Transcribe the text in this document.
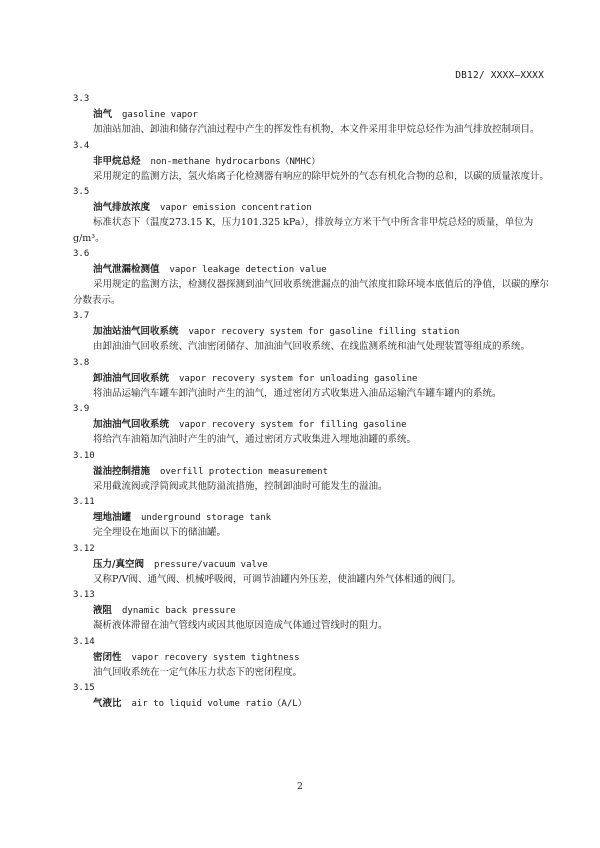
DB12/ XXXX—XXXX
3.3
油气 gasoline vapor
加油站加油、卸油和储存汽油过程中产生的挥发性有机物，本文件采用非甲烷总烃作为油气排放控制项目。
3.4
非甲烷总烃 non-methane hydrocarbons（NMHC）
采用规定的监测方法，氢火焰离子化检测器有响应的除甲烷外的气态有机化合物的总和，以碳的质量浓度计。
3.5
油气排放浓度 vapor emission concentration
标准状态下（温度273.15 K，压力101.325 kPa），排放每立方米干气中所含非甲烷总烃的质量，单位为g/m³。
3.6
油气泄漏检测值 vapor leakage detection value
采用规定的监测方法，检测仪器探测到油气回收系统泄漏点的油气浓度扣除环境本底值后的净值，以碳的摩尔分数表示。
3.7
加油站油气回收系统 vapor recovery system for gasoline filling station
由卸油油气回收系统、汽油密闭储存、加油油气回收系统、在线监测系统和油气处理装置等组成的系统。
3.8
卸油油气回收系统 vapor recovery system for unloading gasoline
将油品运输汽车罐车卸汽油时产生的油气，通过密闭方式收集进入油品运输汽车罐车罐内的系统。
3.9
加油油气回收系统 vapor recovery system for filling gasoline
将给汽车油箱加汽油时产生的油气，通过密闭方式收集进入埋地油罐的系统。
3.10
溢油控制措施 overfill protection measurement
采用截流阀或浮筒阀或其他防溢流措施，控制卸油时可能发生的溢油。
3.11
埋地油罐 underground storage tank
完全埋设在地面以下的储油罐。
3.12
压力/真空阀 pressure/vacuum valve
又称P/V阀、通气阀、机械呼吸阀，可调节油罐内外压差，使油罐内外气体相通的阀门。
3.13
液阻 dynamic back pressure
凝析液体滞留在油气管线内或因其他原因造成气体通过管线时的阻力。
3.14
密闭性 vapor recovery system tightness
油气回收系统在一定气体压力状态下的密闭程度。
3.15
气液比 air to liquid volume ratio（A/L）
2
